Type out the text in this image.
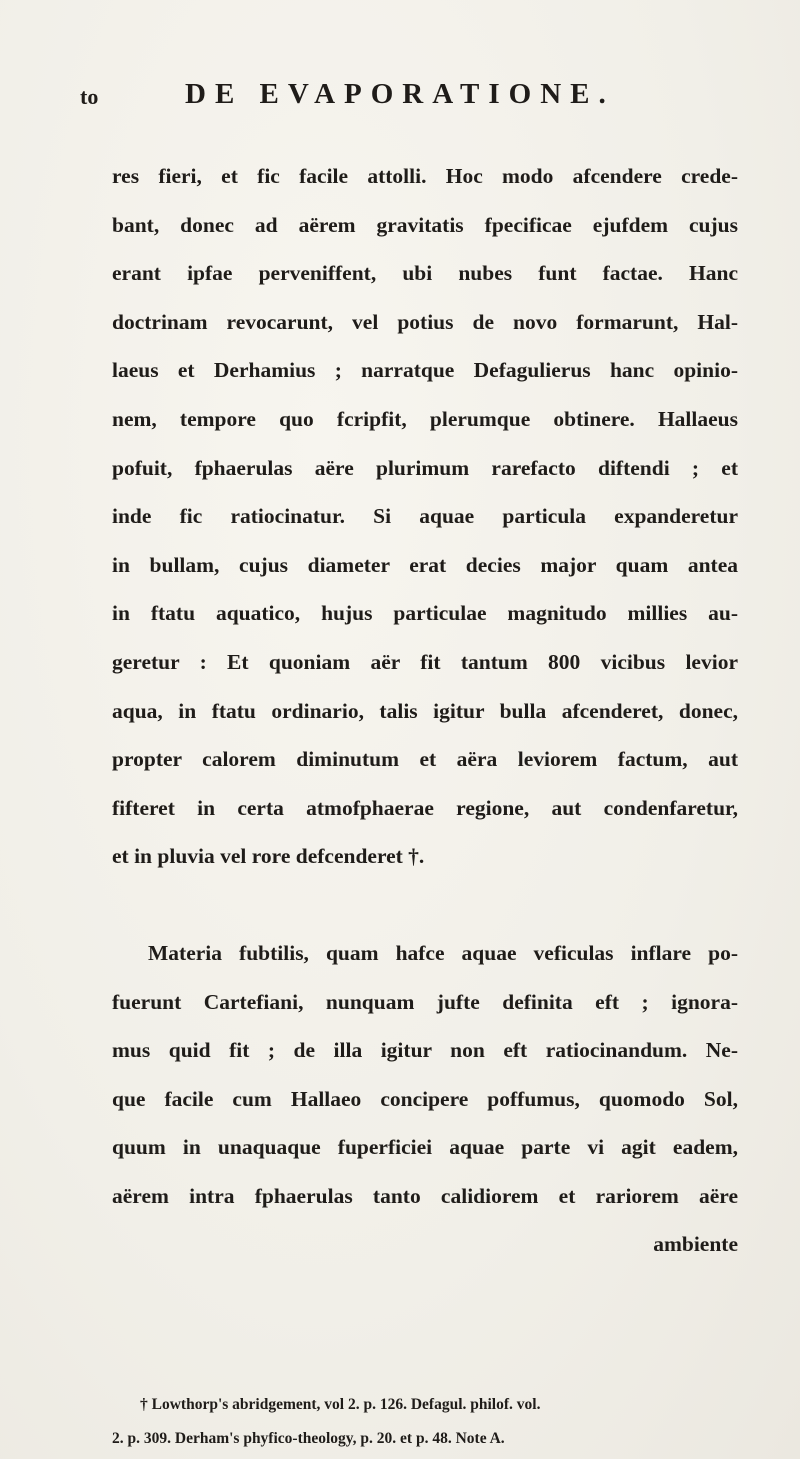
to	DE EVAPORATIONE.
res fieri, et fic facile attolli. Hoc modo afcendere crede-
bant, donec ad aërem gravitatis fpecificae ejufdem cujus
erant ipfae perveniffent, ubi nubes funt factae. Hanc
doctrinam revocarunt, vel potius de novo formarunt, Hal-
laeus et Derhamius ; narratque Defagulierus hanc opinio-
nem, tempore quo fcripfit, plerumque obtinere. Hallaeus
pofuit, fphaerulas aëre plurimum rarefacto diftendi ; et
inde fic ratiocinatur. Si aquae particula expanderetur
in bullam, cujus diameter erat decies major quam antea
in ftatu aquatico, hujus particulae magnitudo millies au-
geretur : Et quoniam aër fit tantum 800 vicibus levior
aqua, in ftatu ordinario, talis igitur bulla afcenderet, donec,
propter calorem diminutum et aëra leviorem factum, aut
fifteret in certa atmofphaerae regione, aut condenfaretur,
et in pluvia vel rore defcenderet †.
Materia fubtilis, quam hafce aquae veficulas inflare po-
fuerunt Cartefiani, nunquam jufte definita eft ; ignora-
mus quid fit ; de illa igitur non eft ratiocinandum. Ne-
que facile cum Hallaeo concipere poffumus, quomodo Sol,
quum in unaquaque fuperficiei aquae parte vi agit eadem,
aërem intra fphaerulas tanto calidiorem et rariorem aëre
ambiente
† Lowthorp's abridgement, vol 2. p. 126. Defagul. philof. vol.
2. p. 309. Derham's phyfico-theology, p. 20. et p. 48. Note A.
